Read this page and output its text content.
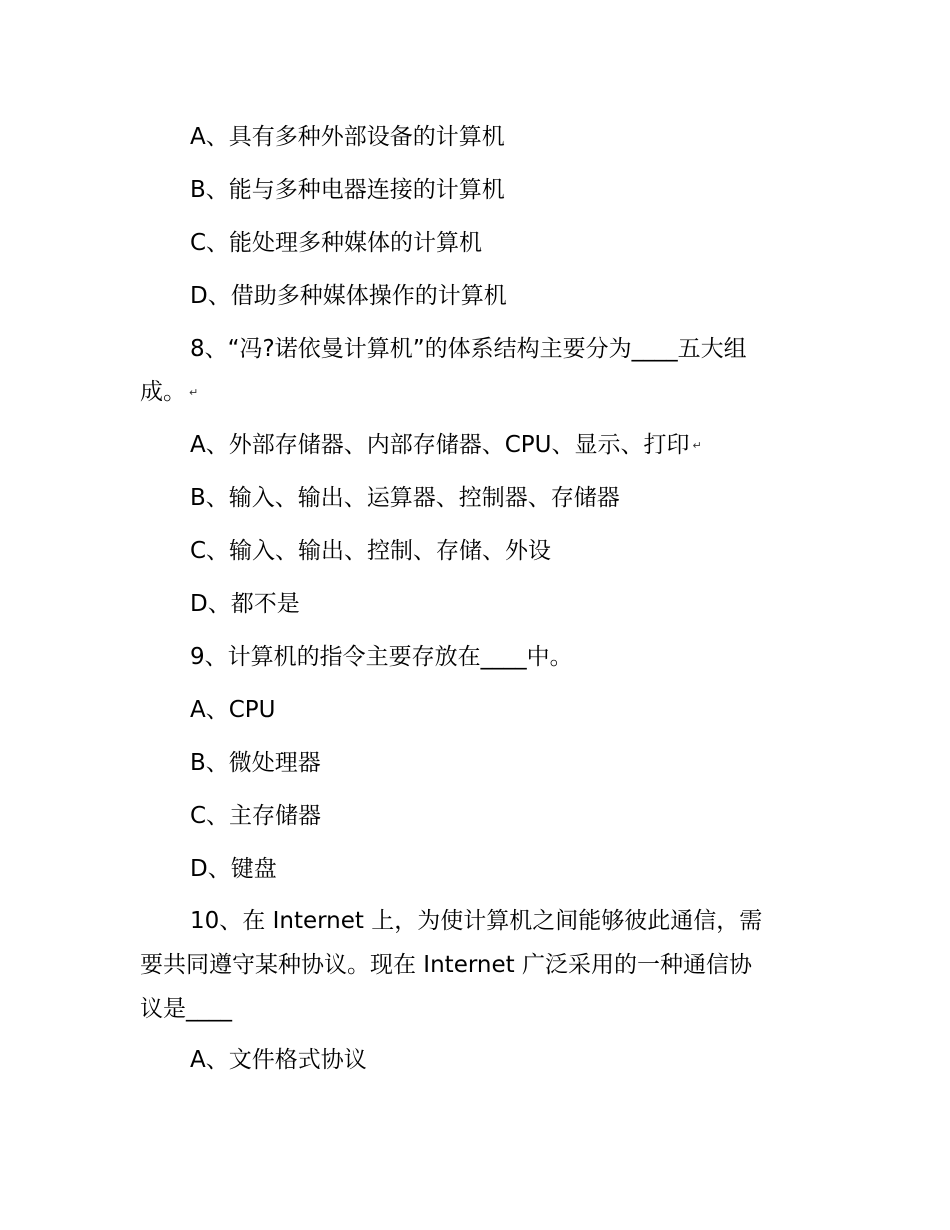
A、具有多种外部设备的计算机
B、能与多种电器连接的计算机
C、能处理多种媒体的计算机
D、借助多种媒体操作的计算机
8、“冯?诺依曼计算机”的体系结构主要分为____五大组
成。 ↵
A、外部存储器、内部存储器、CPU、显示、打印 ↵
B、输入、输出、运算器、控制器、存储器
C、输入、输出、控制、存储、外设
D、都不是
9、计算机的指令主要存放在____中。
A、CPU
B、微处理器
C、主存储器
D、键盘
10、在 Internet 上，为使计算机之间能够彼此通信，需
要共同遵守某种协议。现在 Internet 广泛采用的一种通信协
议是____
A、文件格式协议
